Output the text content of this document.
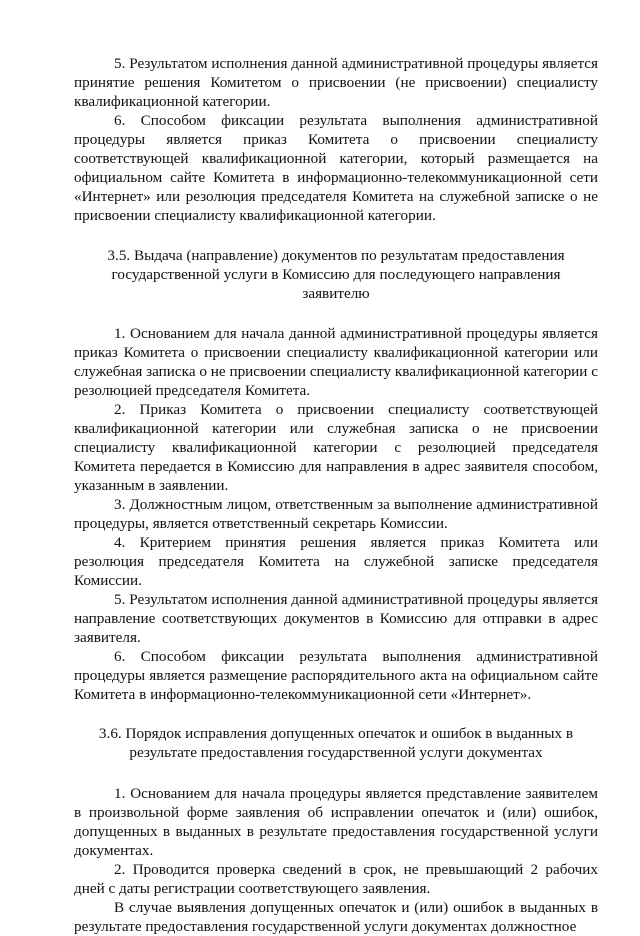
5. Результатом исполнения данной административной процедуры является принятие решения Комитетом о присвоении (не присвоении) специалисту квалификационной категории.

6. Способом фиксации результата выполнения административной процедуры является приказ Комитета о присвоении специалисту соответствующей квалификационной категории, который размещается на официальном сайте Комитета в информационно-телекоммуникационной сети «Интернет» или резолюция председателя Комитета на служебной записке о не присвоении специалисту квалификационной категории.

3.5. Выдача (направление) документов по результатам предоставления государственной услуги в Комиссию для последующего направления заявителю

1. Основанием для начала данной административной процедуры является приказ Комитета о присвоении специалисту квалификационной категории или служебная записка о не присвоении специалисту квалификационной категории с резолюцией председателя Комитета.

2. Приказ Комитета о присвоении специалисту соответствующей квалификационной категории или служебная записка о не присвоении специалисту квалификационной категории с резолюцией председателя Комитета передается в Комиссию для направления в адрес заявителя способом, указанным в заявлении.

3. Должностным лицом, ответственным за выполнение административной процедуры, является ответственный секретарь Комиссии.

4. Критерием принятия решения является приказ Комитета или резолюция председателя Комитета на служебной записке председателя Комиссии.

5. Результатом исполнения данной административной процедуры является направление соответствующих документов в Комиссию для отправки в адрес заявителя.

6. Способом фиксации результата выполнения административной процедуры является размещение распорядительного акта на официальном сайте Комитета в информационно-телекоммуникационной сети «Интернет».

3.6. Порядок исправления допущенных опечаток и ошибок в выданных в результате предоставления государственной услуги документах

1. Основанием для начала процедуры является представление заявителем в произвольной форме заявления об исправлении опечаток и (или) ошибок, допущенных в выданных в результате предоставления государственной услуги документах.

2. Проводится проверка сведений в срок, не превышающий 2 рабочих дней с даты регистрации соответствующего заявления.

В случае выявления допущенных опечаток и (или) ошибок в выданных в результате предоставления государственной услуги документах должностное
